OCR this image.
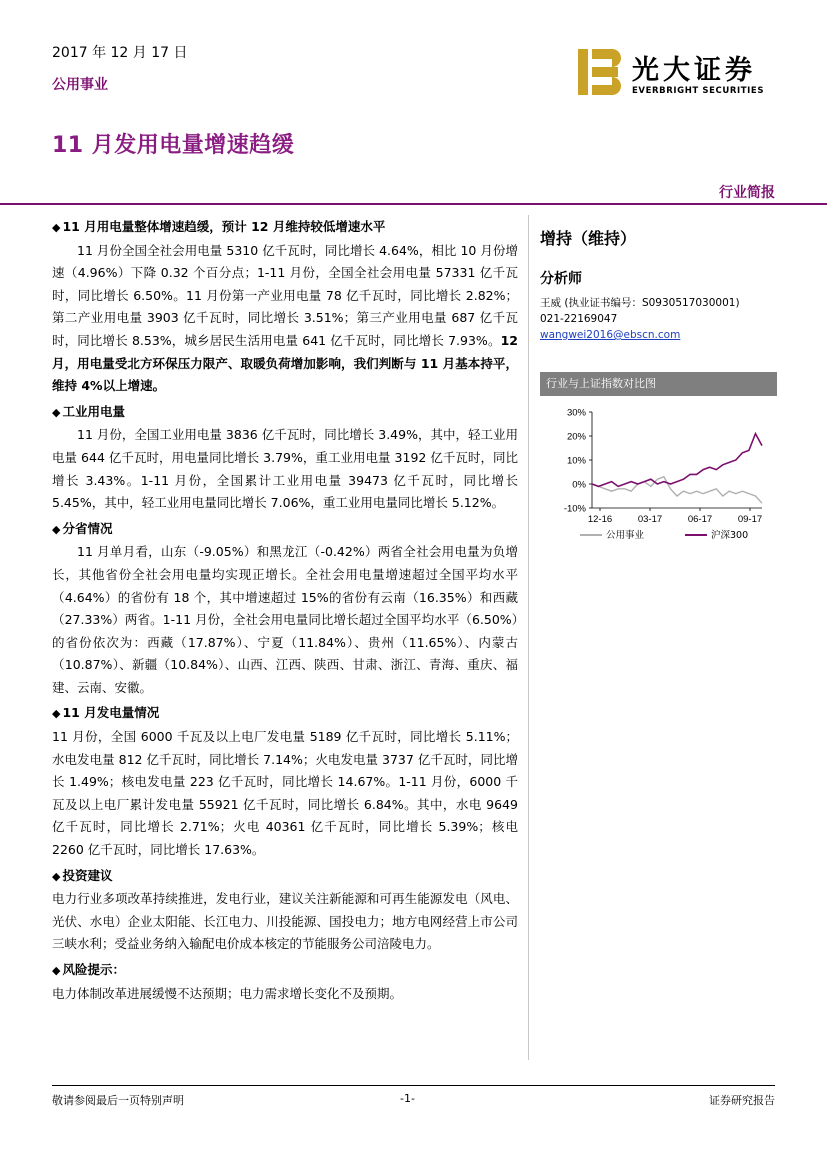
2017 年 12 月 17 日
公用事业
11 月发用电量增速趋缓
光大证券
EVERBRIGHT SECURITIES
行业简报
◆ 11 月用电量整体增速趋缓，预计 12 月维持较低增速水平

11 月份全国全社会用电量 5310 亿千瓦时，同比增长 4.64%，相比 10 月份增速（4.96%）下降 0.32 个百分点；1-11 月份，全国全社会用电量 57331 亿千瓦时，同比增长 6.50%。11 月份第一产业用电量 78 亿千瓦时，同比增长 2.82%；第二产业用电量 3903 亿千瓦时，同比增长 3.51%；第三产业用电量 687 亿千瓦时，同比增长 8.53%，城乡居民生活用电量 641 亿千瓦时，同比增长 7.93%。12 月，用电量受北方环保压力限产、取暖负荷增加影响，我们判断与 11 月基本持平，维持 4%以上增速。

◆ 工业用电量

11 月份，全国工业用电量 3836 亿千瓦时，同比增长 3.49%，其中，轻工业用电量 644 亿千瓦时，用电量同比增长 3.79%，重工业用电量 3192 亿千瓦时，同比增长 3.43%。1-11 月份，全国累计工业用电量 39473 亿千瓦时，同比增长 5.45%，其中，轻工业用电量同比增长 7.06%，重工业用电量同比增长 5.12%。

◆ 分省情况

11 月单月看，山东（-9.05%）和黑龙江（-0.42%）两省全社会用电量为负增长，其他省份全社会用电量均实现正增长。全社会用电量增速超过全国平均水平（4.64%）的省份有 18 个，其中增速超过 15%的省份有云南（16.35%）和西藏（27.33%）两省。1-11 月份，全社会用电量同比增长超过全国平均水平（6.50%）的省份依次为：西藏（17.87%）、宁夏（11.84%）、贵州（11.65%）、内蒙古（10.87%）、新疆（10.84%）、山西、江西、陕西、甘肃、浙江、青海、重庆、福建、云南、安徽。

◆ 11 月发电量情况

11 月份，全国 6000 千瓦及以上电厂发电量 5189 亿千瓦时，同比增长 5.11%；水电发电量 812 亿千瓦时，同比增长 7.14%；火电发电量 3737 亿千瓦时，同比增长 1.49%；核电发电量 223 亿千瓦时，同比增长 14.67%。1-11 月份，6000 千瓦及以上电厂累计发电量 55921 亿千瓦时，同比增长 6.84%。其中，水电 9649 亿千瓦时，同比增长 2.71%；火电 40361 亿千瓦时，同比增长 5.39%；核电 2260 亿千瓦时，同比增长 17.63%。

◆ 投资建议

电力行业多项改革持续推进，发电行业，建议关注新能源和可再生能源发电（风电、光伏、水电）企业太阳能、长江电力、川投能源、国投电力；地方电网经营上市公司三峡水利；受益业务纳入输配电价成本核定的节能服务公司涪陵电力。

◆ 风险提示：

电力体制改革进展缓慢不达预期；电力需求增长变化不及预期。

增持（维持）
分析师
王威 (执业证书编号：S0930517030001)
021-22169047
wangwei2016@ebscn.com
行业与上证指数对比图
30%
20%
10%
0%
-10%
12-16	03-17	06-17	09-17
公用事业	沪深300
敬请参阅最后一页特别声明	-1-	证券研究报告
